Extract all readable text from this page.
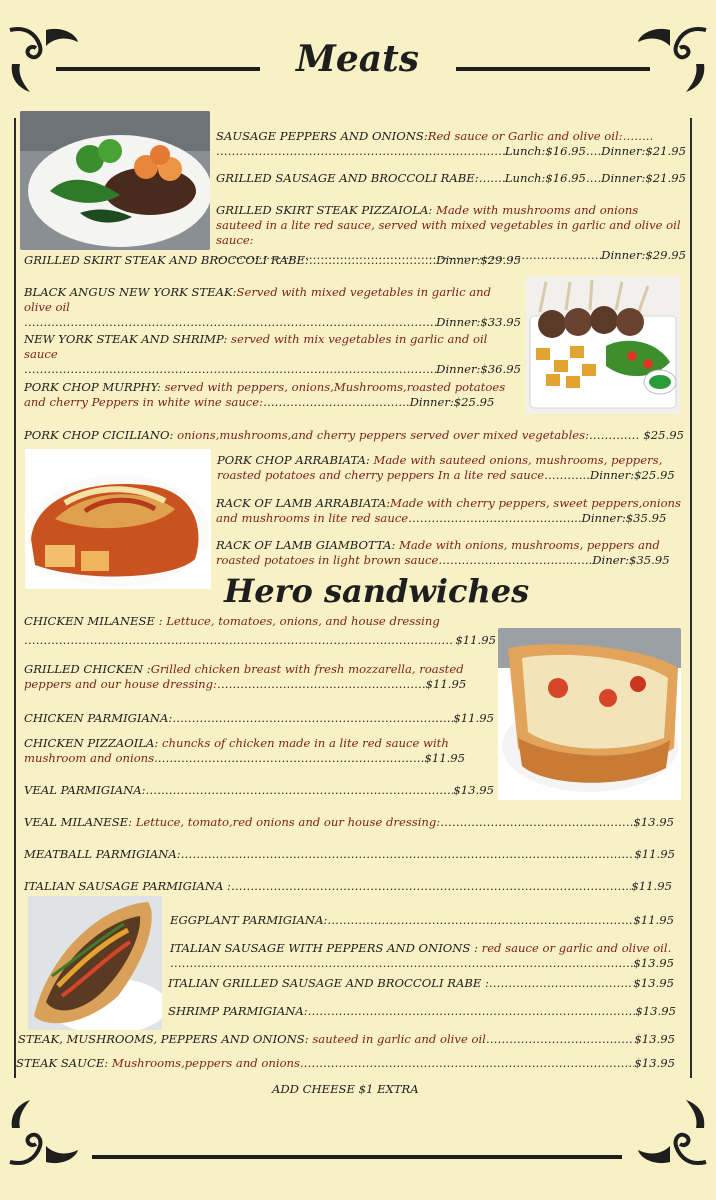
Meats
SAUSAGE PEPPERS AND ONIONS:Red sauce or Garlic and olive oil:……..
……………………………………………………………………………………………………………………………………………………………………………………………
Lunch:$16.95….Dinner:$21.95
GRILLED SAUSAGE AND BROCCOLI RABE: …………………………………………………………………………………………………………………………………………………………………………………………… Lunch:$16.95….Dinner:$21.95
GRILLED SKIRT STEAK PIZZAIOLA: Made with mushrooms and onions sauteed in a lite red sauce, served with mixed vegetables in garlic and olive oil sauce:
……………………………………………………………………………………………………………………………………………………………………………………………
Dinner:$29.95
GRILLED SKIRT STEAK AND BROCCOLI RABE: ……………………………………………………………………………………………………………………………………………………………………………………………	Dinner:$29.95
BLACK ANGUS NEW YORK STEAK:Served with mixed vegetables in garlic and olive oil
……………………………………………………………………………………………………………………………………………………………………………………………
Dinner:$33.95
NEW YORK STEAK AND SHRIMP: served with mix vegetables in garlic and oil sauce
……………………………………………………………………………………………………………………………………………………………………………………………
Dinner:$36.95
PORK CHOP MURPHY: served with peppers, onions,Mushrooms,roasted potatoes and cherry Peppers in white wine sauce:………………………………..Dinner:$25.95
PORK CHOP CICILIANO:
onions,mushrooms,and cherry peppers served over mixed vegetables: ……………………………………………………………………………………………………………………………………………………………………………………………
	$25.95
PORK CHOP ARRABIATA: Made with sauteed onions, mushrooms, peppers, roasted potatoes and cherry peppers In a lite red sauce………...Dinner:$25.95
RACK OF LAMB ARRABIATA:Made with cherry peppers, sweet peppers,onions and mushrooms in lite red sauce……………………………………...Dinner:$35.95
RACK OF LAMB GIAMBOTTA: Made with onions, mushrooms, peppers and roasted potatoes in light brown sauce……………………………..…..Diner:$35.95
Hero sandwiches
CHICKEN MILANESE : Lettuce, tomatoes, onions, and house dressing
……………………………………………………………………………………………………………………………………………………………………………………………

$11.95
GRILLED CHICKEN :Grilled chicken breast with fresh mozzarella, roasted peppers and our house dressing:………………………………………………$11.95
CHICKEN PARMIGIANA: ……………………………………………………………………………………………………………………………………………………………………………………………	$11.95
CHICKEN PIZZAOILA: chuncks of chicken made in a lite red sauce with mushroom and onions.……………………………………………………………$11.95
VEAL PARMIGIANA: ……………………………………………………………………………………………………………………………………………………………………………………………	$13.95
VEAL MILANESE:
Lettuce, tomato,red onions and our house dressing: ……………………………………………………………………………………………………………………………………………………………………………………………	$13.95
MEATBALL PARMIGIANA: ……………………………………………………………………………………………………………………………………………………………………………………………	$11.95
ITALIAN SAUSAGE PARMIGIANA : ……………………………………………………………………………………………………………………………………………………………………………………………	$11.95
EGGPLANT PARMIGIANA: ……………………………………………………………………………………………………………………………………………………………………………………………	$11.95
ITALIAN SAUSAGE WITH PEPPERS AND ONIONS : red sauce or garlic and olive oil.
……………………………………………………………………………………………………………………………………………………………………………………………
$13.95
ITALIAN GRILLED SAUSAGE AND BROCCOLI RABE : ……………………………………………………………………………………………………………………………………………………………………………………………	$13.95
SHRIMP PARMIGIANA: ……………………………………………………………………………………………………………………………………………………………………………………………	$13.95
STEAK, MUSHROOMS, PEPPERS AND ONIONS:
sauteed in garlic and olive oil ……………………………………………………………………………………………………………………………………………………………………………………………	$13.95
STEAK SAUCE:
Mushrooms,peppers and onions. ……………………………………………………………………………………………………………………………………………………………………………………………	$13.95
ADD CHEESE $1 EXTRA
